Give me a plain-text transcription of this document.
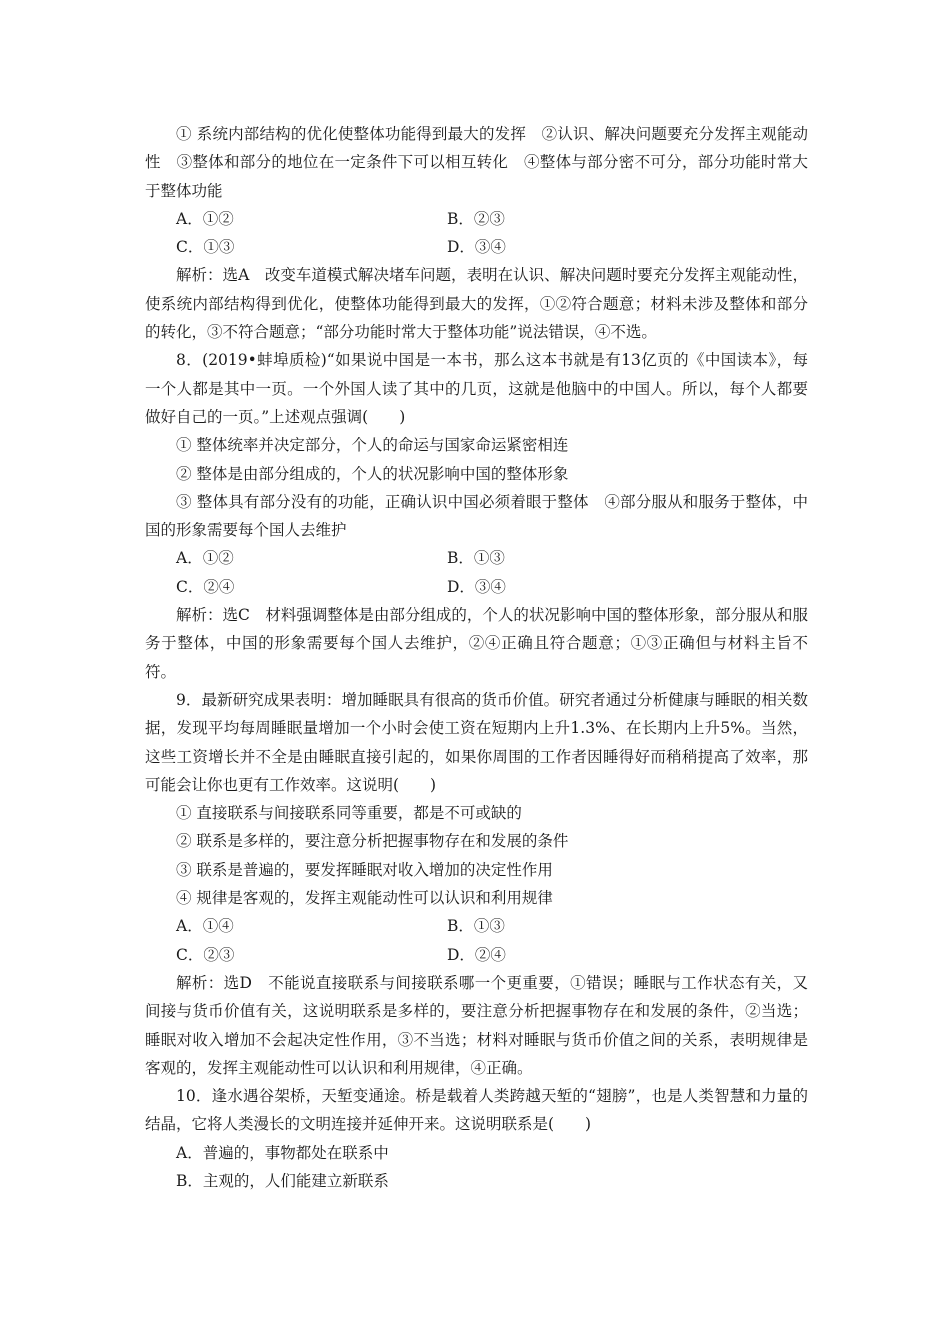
① 系统内部结构的优化使整体功能得到最大的发挥　②认识、解决问题要充分发挥主观能动性　③整体和部分的地位在一定条件下可以相互转化　④整体与部分密不可分，部分功能时常大于整体功能

A．①②	B．②③
C．①③	D．③④

解析：选A　改变车道模式解决堵车问题，表明在认识、解决问题时要充分发挥主观能动性，使系统内部结构得到优化，使整体功能得到最大的发挥，①②符合题意；材料未涉及整体和部分的转化，③不符合题意；“部分功能时常大于整体功能”说法错误，④不选。

8．(2019•蚌埠质检)“如果说中国是一本书，那么这本书就是有13亿页的《中国读本》，每一个人都是其中一页。一个外国人读了其中的几页，这就是他脑中的中国人。所以，每个人都要做好自己的一页。”上述观点强调(　　)

① 整体统率并决定部分，个人的命运与国家命运紧密相连

② 整体是由部分组成的，个人的状况影响中国的整体形象

③ 整体具有部分没有的功能，正确认识中国必须着眼于整体　④部分服从和服务于整体，中国的形象需要每个国人去维护

A．①②	B．①③
C．②④	D．③④

解析：选C　材料强调整体是由部分组成的，个人的状况影响中国的整体形象，部分服从和服务于整体，中国的形象需要每个国人去维护，②④正确且符合题意；①③正确但与材料主旨不符。

9．最新研究成果表明：增加睡眠具有很高的货币价值。研究者通过分析健康与睡眠的相关数据，发现平均每周睡眠量增加一个小时会使工资在短期内上升1.3%、在长期内上升5%。当然，这些工资增长并不全是由睡眠直接引起的，如果你周围的工作者因睡得好而稍稍提高了效率，那可能会让你也更有工作效率。这说明(　　)

① 直接联系与间接联系同等重要，都是不可或缺的

② 联系是多样的，要注意分析把握事物存在和发展的条件

③ 联系是普遍的，要发挥睡眠对收入增加的决定性作用

④ 规律是客观的，发挥主观能动性可以认识和利用规律

A．①④	B．①③
C．②③	D．②④

解析：选D　不能说直接联系与间接联系哪一个更重要，①错误；睡眠与工作状态有关，又间接与货币价值有关，这说明联系是多样的，要注意分析把握事物存在和发展的条件，②当选；睡眠对收入增加不会起决定性作用，③不当选；材料对睡眠与货币价值之间的关系，表明规律是客观的，发挥主观能动性可以认识和利用规律，④正确。

10．逢水遇谷架桥，天堑变通途。桥是载着人类跨越天堑的“翅膀”，也是人类智慧和力量的结晶，它将人类漫长的文明连接并延伸开来。这说明联系是(　　)

A．普遍的，事物都处在联系中

B．主观的，人们能建立新联系
